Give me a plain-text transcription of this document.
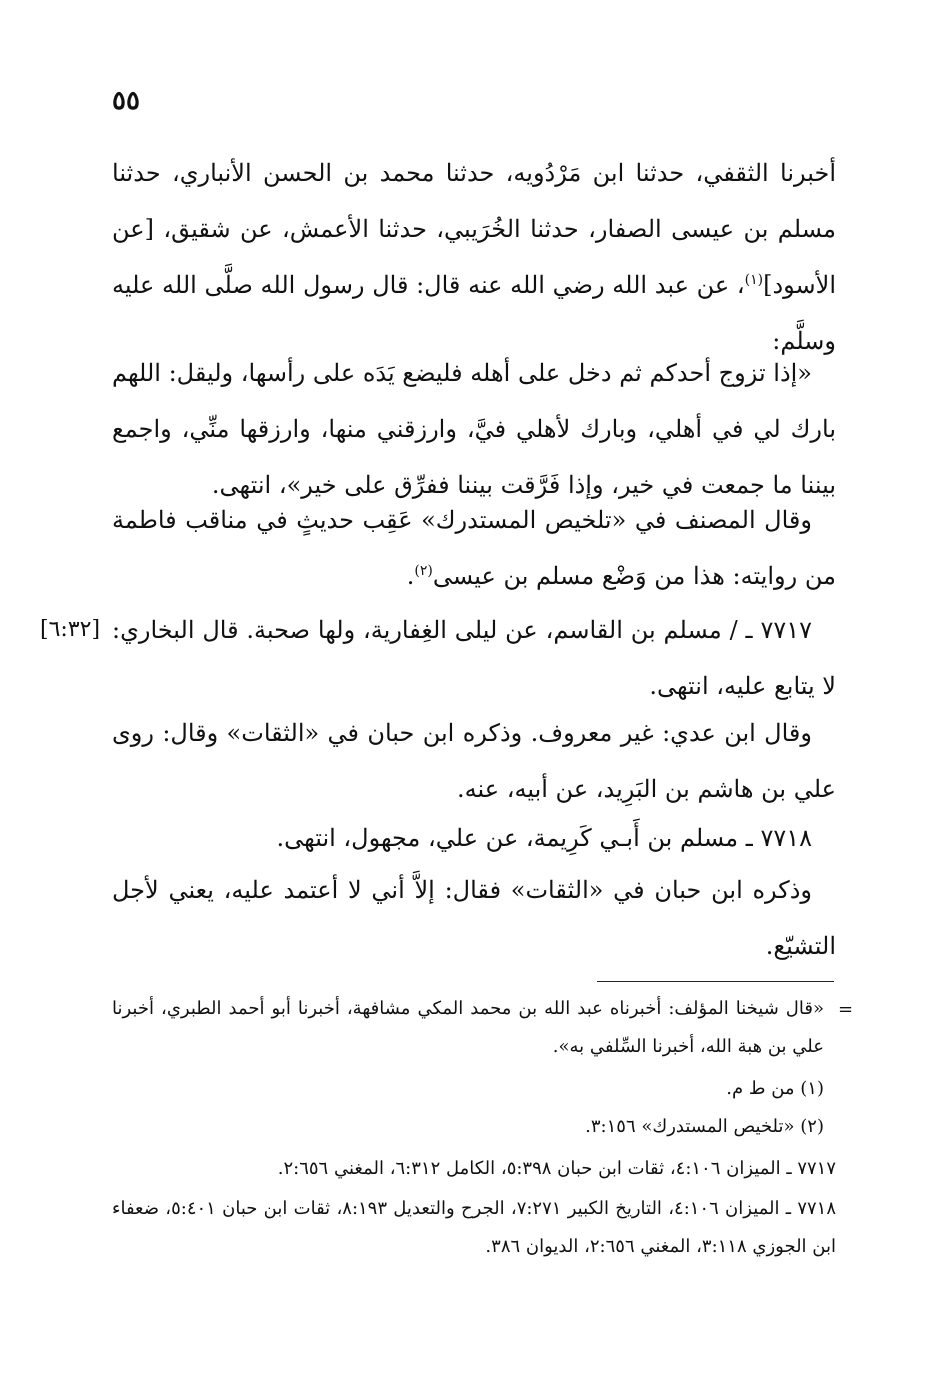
٥٥
أخبرنا الثقفي، حدثنا ابن مَرْدُويه، حدثنا محمد بن الحسن الأنباري، حدثنا مسلم بن عيسى الصفار، حدثنا الخُرَيبي، حدثنا الأعمش، عن شقيق، [عن الأسود]$^{(١)}$، عن عبد الله رضي الله عنه قال: قال رسول الله صلَّى الله عليه وسلَّم:
«إذا تزوج أحدكم ثم دخل على أهله فليضع يَدَه على رأسها، وليقل: اللهم بارك لي في أهلي، وبارك لأهلي فيَّ، وارزقني منها، وارزقها منِّي، واجمع بيننا ما جمعت في خير، وإذا فَرَّقت بيننا ففرِّق على خير»، انتهى.
وقال المصنف في «تلخيص المستدرك» عَقِب حديثٍ في مناقب فاطمة من روايته: هذا من وَضْع مسلم بن عيسى$^{(٢)}$.
٧٧١٧ ـ / مسلم بن القاسم، عن ليلى الغِفارية، ولها صحبة. قال البخاري: لا يتابع عليه، انتهى.
[٦:٣٢]
وقال ابن عدي: غير معروف. وذكره ابن حبان في «الثقات» وقال: روى علي بن هاشم بن البَرِيد، عن أبيه، عنه.
٧٧١٨ ـ مسلم بن أَبـي كَرِيمة، عن علي، مجهول، انتهى.
وذكره ابن حبان في «الثقات» فقال: إلاَّ أني لا أعتمد عليه، يعني لأجل التشيّع.
=
«قال شيخنا المؤلف: أخبرناه عبد الله بن محمد المكي مشافهة، أخبرنا أبو أحمد الطبري، أخبرنا علي بن هبة الله، أخبرنا السِّلفي به».
(١) من ط م.
(٢) «تلخيص المستدرك» ٣:١٥٦.
٧٧١٧ ـ الميزان ٤:١٠٦، ثقات ابن حبان ٥:٣٩٨، الكامل ٦:٣١٢، المغني ٢:٦٥٦.
٧٧١٨ ـ الميزان ٤:١٠٦، التاريخ الكبير ٧:٢٧١، الجرح والتعديل ٨:١٩٣، ثقات ابن حبان ٥:٤٠١، ضعفاء ابن الجوزي ٣:١١٨، المغني ٢:٦٥٦، الديوان ٣٨٦.
